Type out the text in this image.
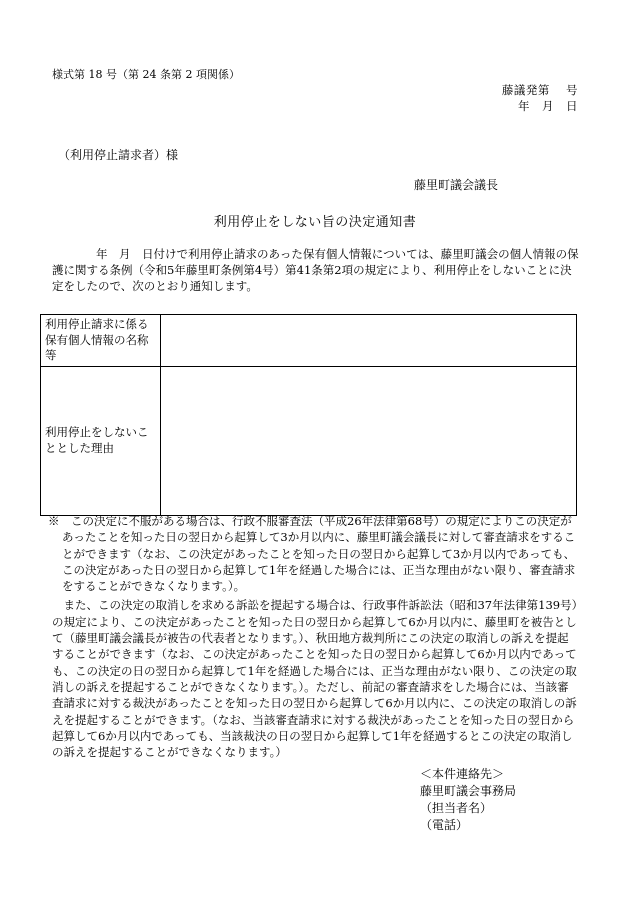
様式第 18 号（第 24 条第 2 項関係）
藤議発第　 号
年　月　日
（利用停止請求者）様
藤里町議会議長
利用停止をしない旨の決定通知書
年　月　日付けで利用停止請求のあった保有個人情報については、藤里町議会の個人情報の保護に関する条例（令和5年藤里町条例第4号）第41条第2項の規定により、利用停止をしないことに決定をしたので、次のとおり通知します。
利用停止請求に係る保有個人情報の名称等	
利用停止をしないこととした理由	

※　この決定に不服がある場合は、行政不服審査法（平成26年法律第68号）の規定によりこの決定があったことを知った日の翌日から起算して3か月以内に、藤里町議会議長に対して審査請求をすることができます（なお、この決定があったことを知った日の翌日から起算して3か月以内であっても、この決定があった日の翌日から起算して1年を経過した場合には、正当な理由がない限り、審査請求をすることができなくなります。）。

また、この決定の取消しを求める訴訟を提起する場合は、行政事件訴訟法（昭和37年法律第139号）の規定により、この決定があったことを知った日の翌日から起算して6か月以内に、藤里町を被告として（藤里町議会議長が被告の代表者となります。）、秋田地方裁判所にこの決定の取消しの訴えを提起することができます（なお、この決定があったことを知った日の翌日から起算して6か月以内であっても、この決定の日の翌日から起算して1年を経過した場合には、正当な理由がない限り、この決定の取消しの訴えを提起することができなくなります。）。ただし、前記の審査請求をした場合には、当該審査請求に対する裁決があったことを知った日の翌日から起算して6か月以内に、この決定の取消しの訴えを提起することができます。（なお、当該審査請求に対する裁決があったことを知った日の翌日から起算して6か月以内であっても、当該裁決の日の翌日から起算して1年を経過するとこの決定の取消しの訴えを提起することができなくなります。）

＜本件連絡先＞
藤里町議会事務局
（担当者名）
（電話）
